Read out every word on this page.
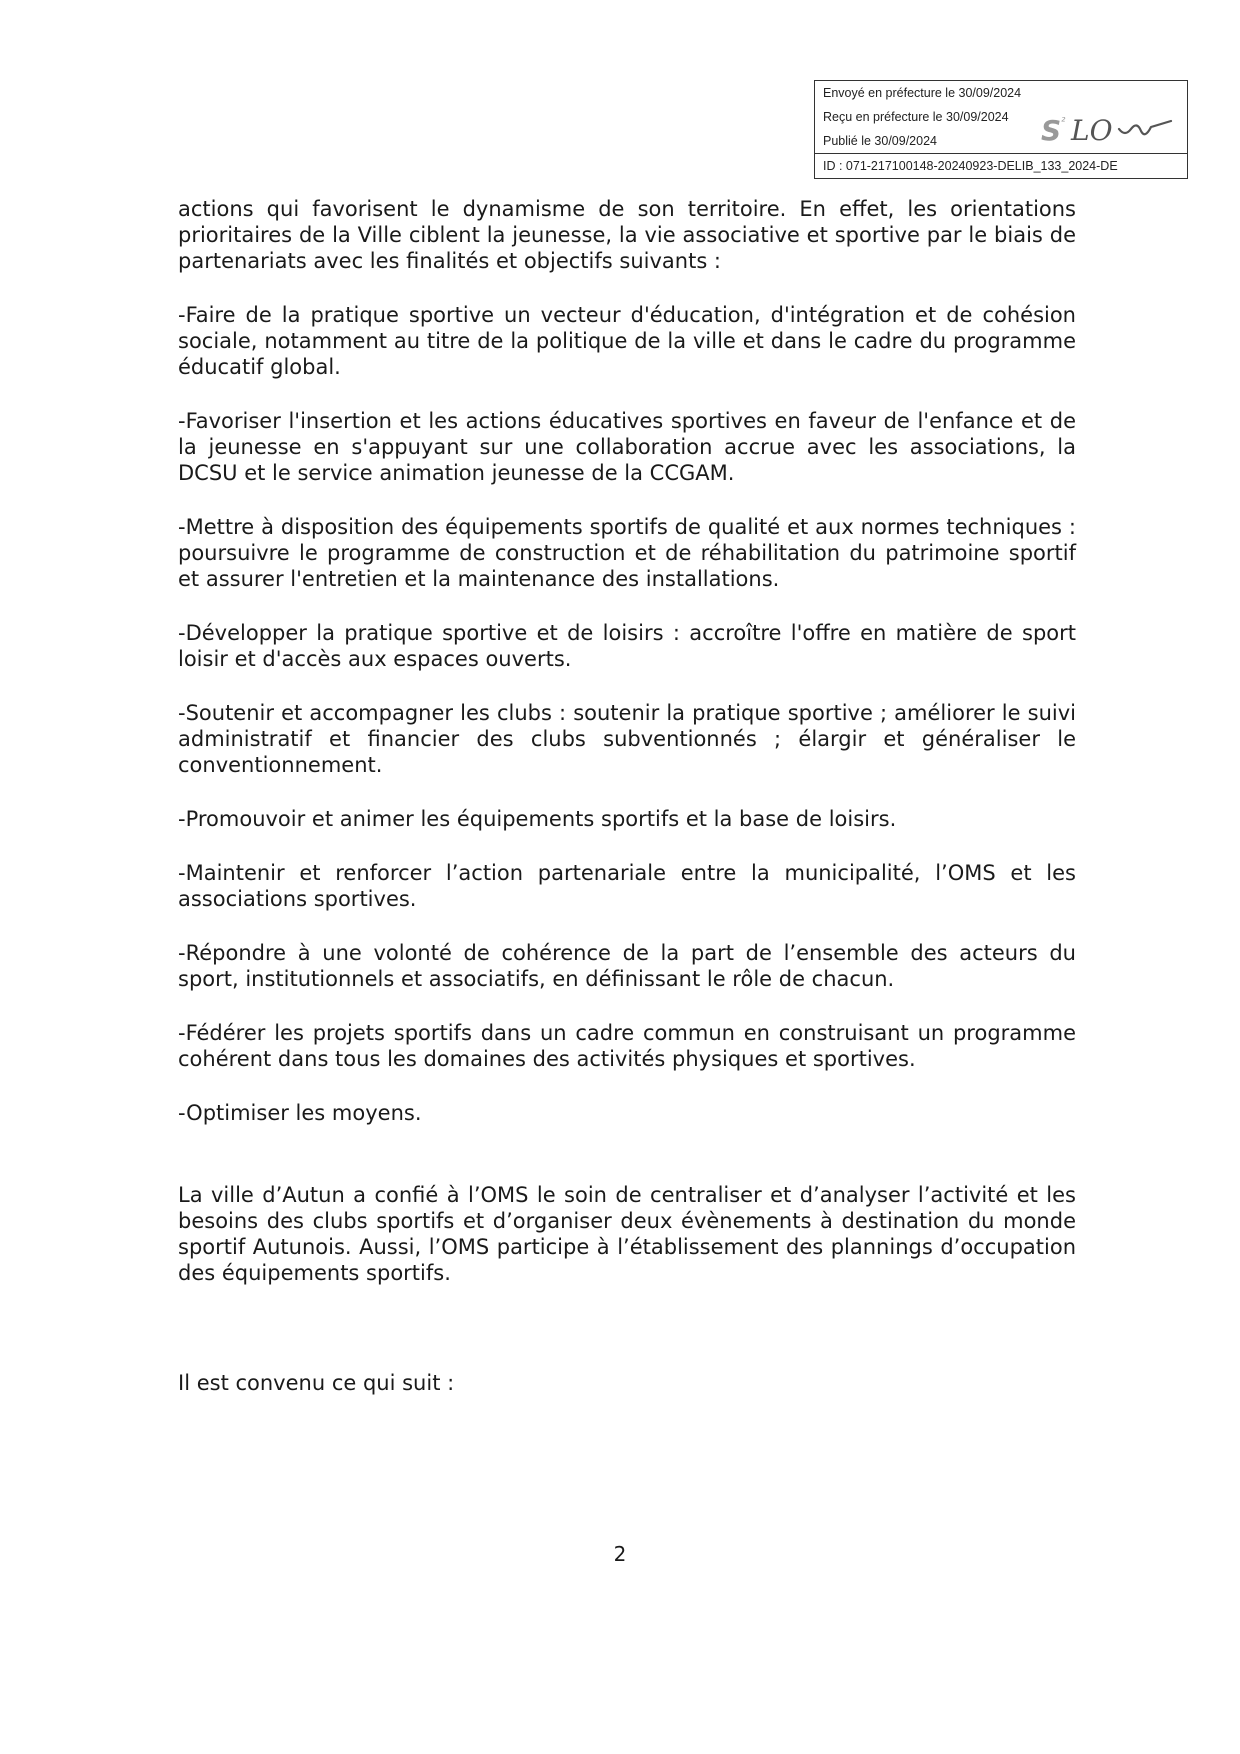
Envoyé en préfecture le 30/09/2024
Reçu en préfecture le 30/09/2024
Publié le 30/09/2024
ID : 071-217100148-20240923-DELIB_133_2024-DE
S ² LO

actions qui favorisent le dynamisme de son territoire. En effet, les orientations prioritaires de la Ville ciblent la jeunesse, la vie associative et sportive par le biais de partenariats avec les finalités et objectifs suivants :

-Faire de la pratique sportive un vecteur d'éducation, d'intégration et de cohésion sociale, notamment au titre de la politique de la ville et dans le cadre du programme éducatif global.

-Favoriser l'insertion et les actions éducatives sportives en faveur de l'enfance et de la jeunesse en s'appuyant sur une collaboration accrue avec les associations, la DCSU et le service animation jeunesse de la CCGAM.

-Mettre à disposition des équipements sportifs de qualité et aux normes techniques : poursuivre le programme de construction et de réhabilitation du patrimoine sportif et assurer l'entretien et la maintenance des installations.

-Développer la pratique sportive et de loisirs : accroître l'offre en matière de sport loisir et d'accès aux espaces ouverts.

-Soutenir et accompagner les clubs : soutenir la pratique sportive ; améliorer le suivi administratif et financier des clubs subventionnés ; élargir et généraliser le conventionnement.

-Promouvoir et animer les équipements sportifs et la base de loisirs.

-Maintenir et renforcer l’action partenariale entre la municipalité, l’OMS et les associations sportives.

-Répondre à une volonté de cohérence de la part de l’ensemble des acteurs du sport, institutionnels et associatifs, en définissant le rôle de chacun.

-Fédérer les projets sportifs dans un cadre commun en construisant un programme cohérent dans tous les domaines des activités physiques et sportives.

-Optimiser les moyens.

La ville d’Autun a confié à l’OMS le soin de centraliser et d’analyser l’activité et les besoins des clubs sportifs et d’organiser deux évènements à destination du monde sportif Autunois. Aussi, l’OMS participe à l’établissement des plannings d’occupation des équipements sportifs.

Il est convenu ce qui suit :

2
